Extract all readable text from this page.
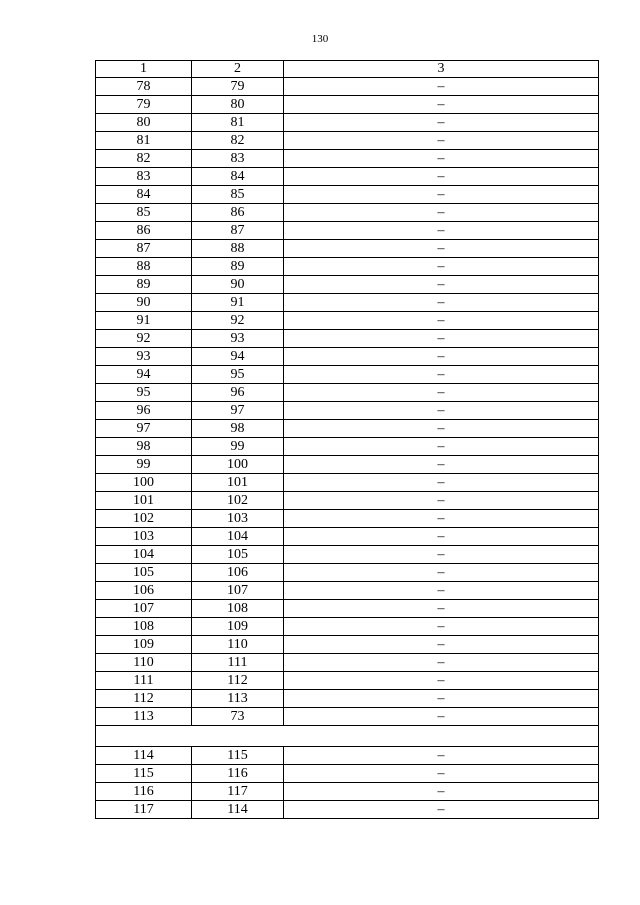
130
1	2	3
78	79	–
79	80	–
80	81	–
81	82	–
82	83	–
83	84	–
84	85	–
85	86	–
86	87	–
87	88	–
88	89	–
89	90	–
90	91	–
91	92	–
92	93	–
93	94	–
94	95	–
95	96	–
96	97	–
97	98	–
98	99	–
99	100	–
100	101	–
101	102	–
102	103	–
103	104	–
104	105	–
105	106	–
106	107	–
107	108	–
108	109	–
109	110	–
110	111	–
111	112	–
112	113	–
113	73	–

114	115	–
115	116	–
116	117	–
117	114	–
